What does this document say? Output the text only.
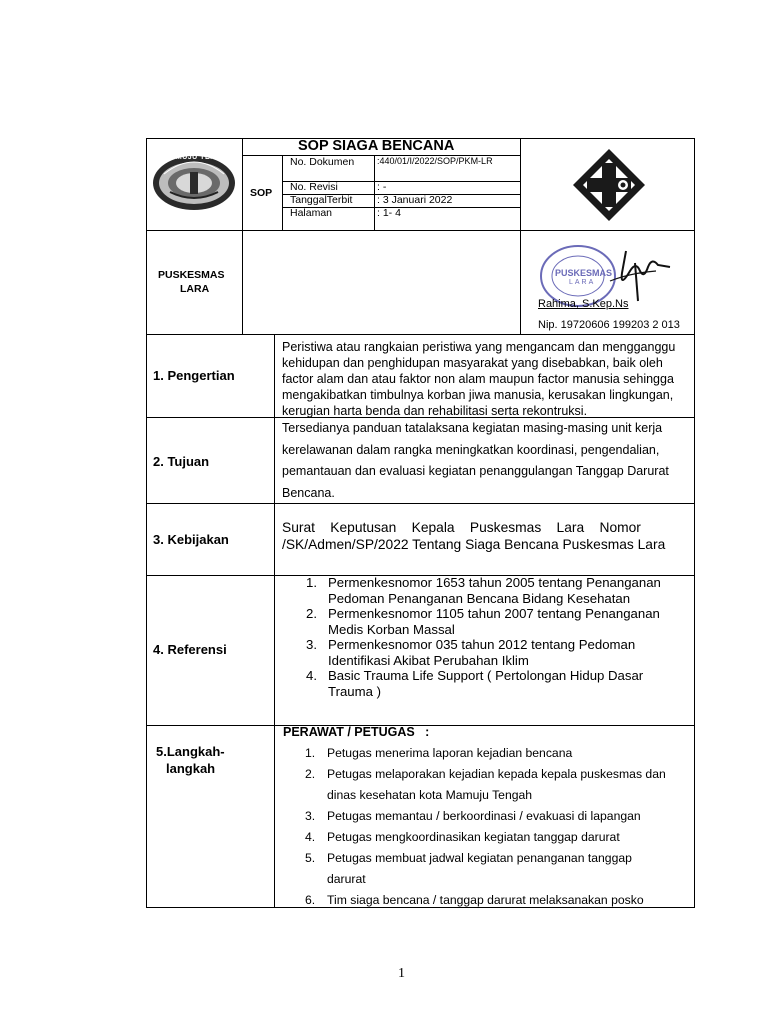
MAMUJU TENGAH
SOP SIAGA BENCANA
SOP
No. Dokumen	:440/01/I/2022/SOP/PKM-LR
No. Revisi	: -
TanggalTerbit : 3 Januari 2022
Halaman	: 1- 4
PUSKESMAS
LARA
PUSKESMAS
LARA
Rahima, S.Kep.Ns
Nip. 19720606 199203 2 013
1. Pengertian
Peristiwa atau rangkaian peristiwa yang mengancam dan mengganggu
kehidupan dan penghidupan masyarakat yang disebabkan, baik oleh
factor alam dan atau faktor non alam maupun factor manusia sehingga
mengakibatkan timbulnya korban jiwa manusia, kerusakan lingkungan,
kerugian harta benda dan rehabilitasi serta rekontruksi.
2. Tujuan
Tersedianya panduan tatalaksana kegiatan masing-masing unit kerja
kerelawanan dalam rangka meningkatkan koordinasi, pengendalian,
pemantauan dan evaluasi kegiatan penanggulangan Tanggap Darurat
Bencana.
3. Kebijakan
Surat    Keputusan    Kepala    Puskesmas    Lara    Nomor
/SK/Admen/SP/2022 Tentang Siaga Bencana Puskesmas Lara
4. Referensi
1. Permenkesnomor 1653 tahun 2005 tentang Penanganan
Pedoman Penanganan Bencana Bidang Kesehatan
2. Permenkesnomor 1105 tahun 2007 tentang Penanganan
Medis Korban Massal
3. Permenkesnomor 035 tahun 2012 tentang Pedoman
Identifikasi Akibat Perubahan Iklim
4. Basic Trauma Life Support ( Pertolongan Hidup Dasar
Trauma )
5.Langkah-
langkah
PERAWAT / PETUGAS   :
1. Petugas menerima laporan kejadian bencana
2. Petugas melaporakan kejadian kepada kepala puskesmas dan
dinas kesehatan kota Mamuju Tengah
3. Petugas memantau / berkoordinasi / evakuasi di lapangan
4. Petugas mengkoordinasikan kegiatan tanggap darurat
5. Petugas membuat jadwal kegiatan penanganan tanggap
darurat
6. Tim siaga bencana / tanggap darurat melaksanakan posko
1
